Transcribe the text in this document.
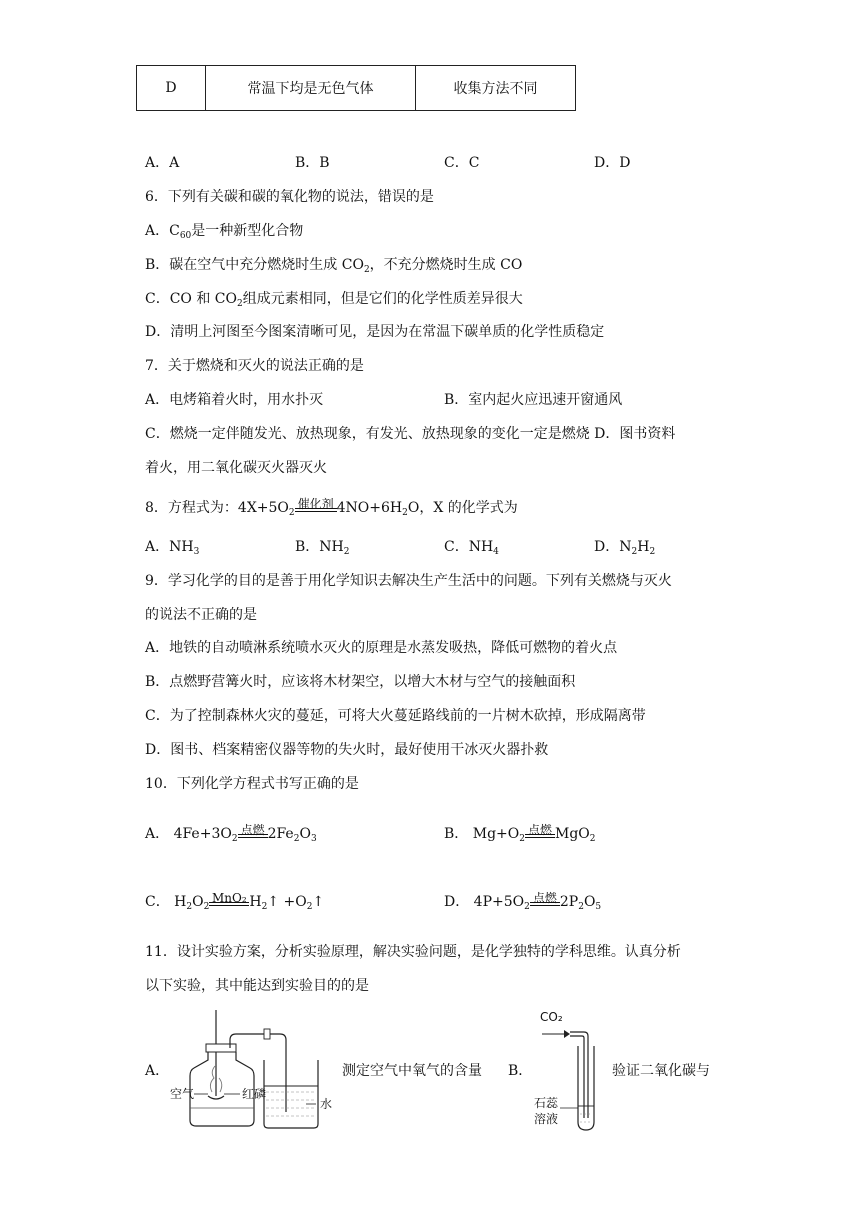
D	常温下均是无色气体	收集方法不同
A．A	B．B	C．C	D．D
6．下列有关碳和碳的氧化物的说法，错误的是
A．$C_{60}$是一种新型化合物
B．碳在空气中充分燃烧时生成 $CO_2$，不充分燃烧时生成 CO
C．CO 和 $CO_2$组成元素相同，但是它们的化学性质差异很大
D．清明上河图至今图案清晰可见，是因为在常温下碳单质的化学性质稳定
7．关于燃烧和灭火的说法正确的是
A．电烤箱着火时，用水扑灭	B．室内起火应迅速开窗通风
C．燃烧一定伴随发光、放热现象，有发光、放热现象的变化一定是燃烧 D．图书资料
着火，用二氧化碳灭火器灭火
8．方程式为：$4X+5O_2$
催化剂 $4NO+6H_2O$，X 的化学式为
A．$NH_3$	B．$NH_2$	C．$NH_4$	D．$N_2H_2$
9．学习化学的目的是善于用化学知识去解决生产生活中的问题。下列有关燃烧与灭火
的说法不正确的是
A．地铁的自动喷淋系统喷水灭火的原理是水蒸发吸热，降低可燃物的着火点
B．点燃野营篝火时，应该将木材架空，以增大木材与空气的接触面积
C．为了控制森林火灾的蔓延，可将大火蔓延路线前的一片树木砍掉，形成隔离带
D．图书、档案精密仪器等物的失火时，最好使用干冰灭火器扑救
10．下列化学方程式书写正确的是
A． $4Fe+3O_2$
点燃 $2Fe_2O_3$	B． $Mg+O_2$
点燃 MgO$_2$
C． $H_2O_2$
MnO₂ $H_2↑$ $+O_2↑$	D． $4P+5O_2$
点燃 $2P_2O_5$
11．设计实验方案，分析实验原理，解决实验问题，是化学独特的学科思维。认真分析
以下实验，其中能达到实验目的的是
A．	测定空气中氧气的含量 B．	验证二氧化碳与
空气	红磷
水
CO₂
石蕊
溶液
